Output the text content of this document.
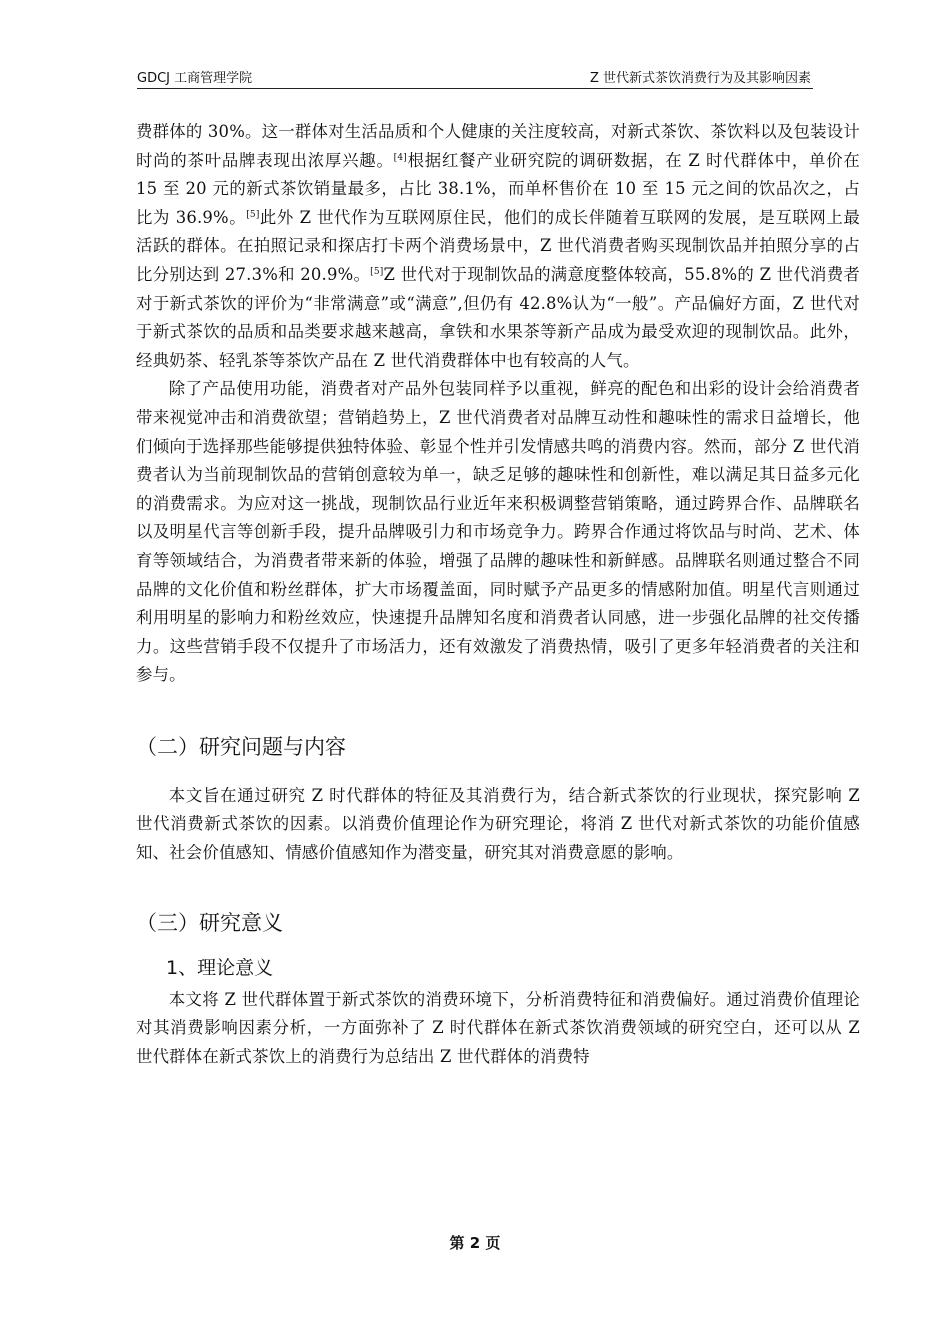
GDCJ 工商管理学院	Z 世代新式茶饮消费行为及其影响因素

费群体的 30%。这一群体对生活品质和个人健康的关注度较高，对新式茶饮、茶饮料以及包装设计时尚的茶叶品牌表现出浓厚兴趣。[4]根据红餐产业研究院的调研数据，在 Z 时代群体中，单价在 15 至 20 元的新式茶饮销量最多，占比 38.1%，而单杯售价在 10 至 15 元之间的饮品次之，占比为 36.9%。[5]此外 Z 世代作为互联网原住民，他们的成长伴随着互联网的发展，是互联网上最活跃的群体。在拍照记录和探店打卡两个消费场景中，Z 世代消费者购买现制饮品并拍照分享的占比分别达到 27.3%和 20.9%。[5]Z 世代对于现制饮品的满意度整体较高，55.8%的 Z 世代消费者对于新式茶饮的评价为“非常满意”或“满意”,但仍有 42.8%认为“一般”。产品偏好方面，Z 世代对于新式茶饮的品质和品类要求越来越高，拿铁和水果茶等新产品成为最受欢迎的现制饮品。此外，经典奶茶、轻乳茶等茶饮产品在 Z 世代消费群体中也有较高的人气。

除了产品使用功能，消费者对产品外包装同样予以重视，鲜亮的配色和出彩的设计会给消费者带来视觉冲击和消费欲望；营销趋势上，Z 世代消费者对品牌互动性和趣味性的需求日益增长，他们倾向于选择那些能够提供独特体验、彰显个性并引发情感共鸣的消费内容。然而，部分 Z 世代消费者认为当前现制饮品的营销创意较为单一，缺乏足够的趣味性和创新性，难以满足其日益多元化的消费需求。为应对这一挑战，现制饮品行业近年来积极调整营销策略，通过跨界合作、品牌联名以及明星代言等创新手段，提升品牌吸引力和市场竞争力。跨界合作通过将饮品与时尚、艺术、体育等领域结合，为消费者带来新的体验，增强了品牌的趣味性和新鲜感。品牌联名则通过整合不同品牌的文化价值和粉丝群体，扩大市场覆盖面，同时赋予产品更多的情感附加值。明星代言则通过利用明星的影响力和粉丝效应，快速提升品牌知名度和消费者认同感，进一步强化品牌的社交传播力。这些营销手段不仅提升了市场活力，还有效激发了消费热情，吸引了更多年轻消费者的关注和参与。

（二）研究问题与内容

本文旨在通过研究 Z 时代群体的特征及其消费行为，结合新式茶饮的行业现状，探究影响 Z 世代消费新式茶饮的因素。以消费价值理论作为研究理论，将消 Z 世代对新式茶饮的功能价值感知、社会价值感知、情感价值感知作为潜变量，研究其对消费意愿的影响。

（三）研究意义
1、理论意义

本文将 Z 世代群体置于新式茶饮的消费环境下，分析消费特征和消费偏好。通过消费价值理论对其消费影响因素分析，一方面弥补了 Z 时代群体在新式茶饮消费领域的研究空白，还可以从 Z 世代群体在新式茶饮上的消费行为总结出 Z 世代群体的消费特

第 2 页
